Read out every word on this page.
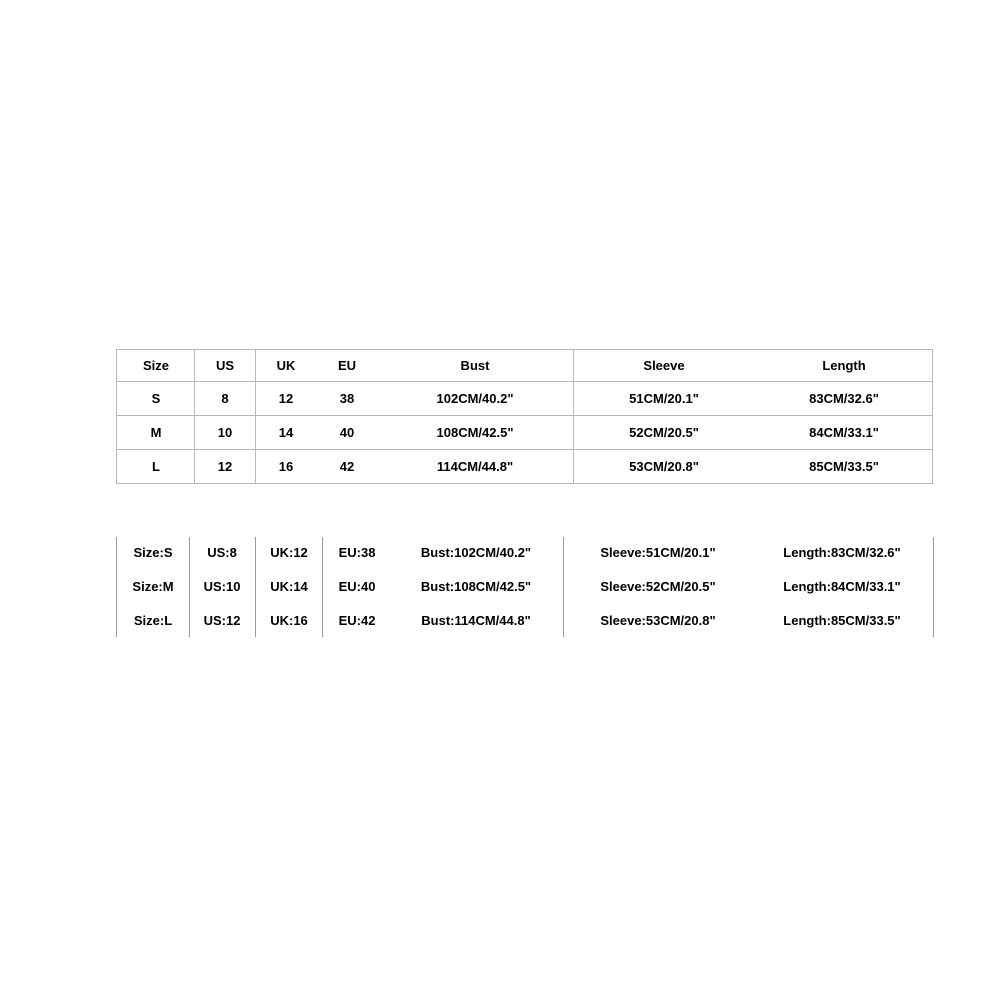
Size	US	UK	EU	Bust	Sleeve	Length
S	8	12	38	102CM/40.2"	51CM/20.1"	83CM/32.6"
M	10	14	40	108CM/42.5"	52CM/20.5"	84CM/33.1"
L	12	16	42	114CM/44.8"	53CM/20.8"	85CM/33.5"
Size:S	US:8	UK:12 EU:38	Bust:102CM/40.2"	Sleeve:51CM/20.1"	Length:83CM/32.6"
Size:M US:10 UK:14 EU:40	Bust:108CM/42.5"	Sleeve:52CM/20.5"	Length:84CM/33.1"
Size:L US:12 UK:16 EU:42	Bust:114CM/44.8"	Sleeve:53CM/20.8"	Length:85CM/33.5"
